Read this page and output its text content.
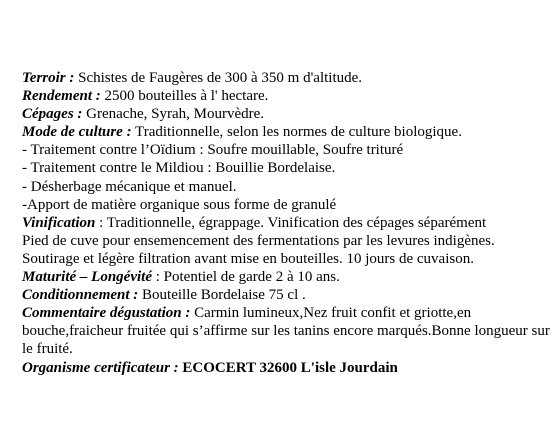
Terroir : Schistes de Faugères de 300 à 350 m d'altitude.
Rendement : 2500 bouteilles à l' hectare.
Cépages : Grenache, Syrah, Mourvèdre.
Mode de culture : Traditionnelle, selon les normes de culture biologique.
- Traitement contre l’Oïdium : Soufre mouillable, Soufre trituré
- Traitement contre le Mildiou : Bouillie Bordelaise.
- Désherbage mécanique et manuel.
-Apport de matière organique sous forme de granulé
Vinification : Traditionnelle, égrappage. Vinification des cépages séparément
Pied de cuve pour ensemencement des fermentations par les levures indigènes.
Soutirage et légère filtration avant mise en bouteilles. 10 jours de cuvaison.
Maturité – Longévité : Potentiel de garde 2 à 10 ans.
Conditionnement : Bouteille Bordelaise 75 cl .
Commentaire dégustation : Carmin lumineux,Nez fruit confit et griotte,en bouche,fraicheur fruitée qui s’affirme sur les tanins encore marqués.Bonne longueur sur le fruité.
Organisme certificateur : ECOCERT 32600 L'isle Jourdain
